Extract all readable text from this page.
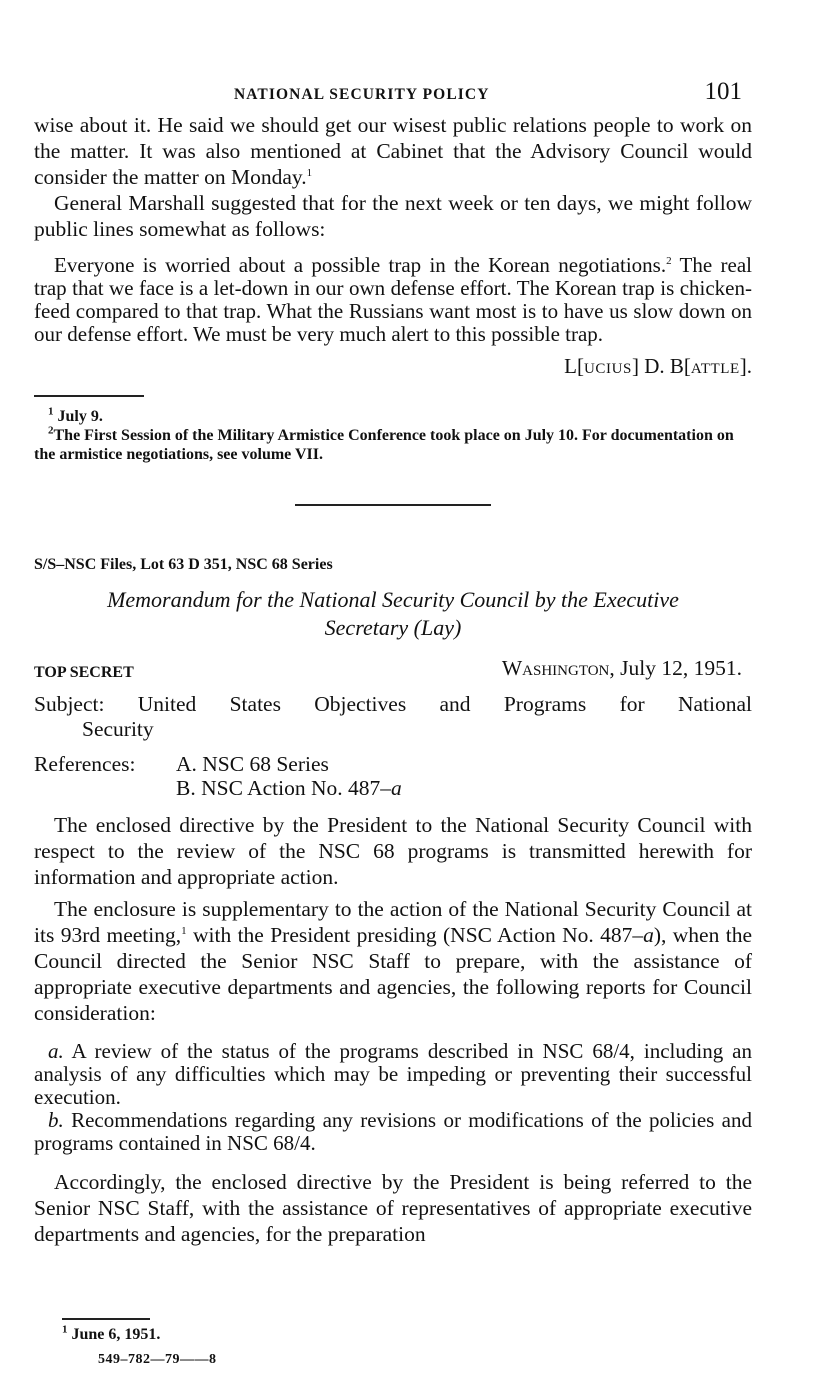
NATIONAL SECURITY POLICY	101

wise about it. He said we should get our wisest public relations people to work on the matter. It was also mentioned at Cabinet that the Advisory Council would consider the matter on Monday.$^1$

General Marshall suggested that for the next week or ten days, we might follow public lines somewhat as follows:

Everyone is worried about a possible trap in the Korean negotiations.$^2$ The real trap that we face is a let-down in our own defense effort. The Korean trap is chicken-feed compared to that trap. What the Russians want most is to have us slow down on our defense effort. We must be very much alert to this possible trap.

L[UCIUS] D. B[ATTLE].

$^1$ July 9.
$^2$The First Session of the Military Armistice Conference took place on July 10. For documentation on the armistice negotiations, see volume VII.
S/S–NSC Files, Lot 63 D 351, NSC 68 Series
Memorandum for the National Security Council by the Executive
Secretary (Lay)
TOP SECRET	Washington, July 12, 1951.
Subject: United States Objectives and Programs for National
Security
References:	A. NSC 68 Series
B. NSC Action No. 487–a

The enclosed directive by the President to the National Security Council with respect to the review of the NSC 68 programs is transmitted herewith for information and appropriate action.

The enclosure is supplementary to the action of the National Security Council at its 93rd meeting,$^1$ with the President presiding (NSC Action No. 487–a), when the Council directed the Senior NSC Staff to prepare, with the assistance of appropriate executive departments and agencies, the following reports for Council consideration:

a. A review of the status of the programs described in NSC 68/4, including an analysis of any difficulties which may be impeding or preventing their successful execution.
b. Recommendations regarding any revisions or modifications of the policies and programs contained in NSC 68/4.

Accordingly, the enclosed directive by the President is being referred to the Senior NSC Staff, with the assistance of representatives of appropriate executive departments and agencies, for the preparation

$^1$ June 6, 1951.
549–782—79——8
